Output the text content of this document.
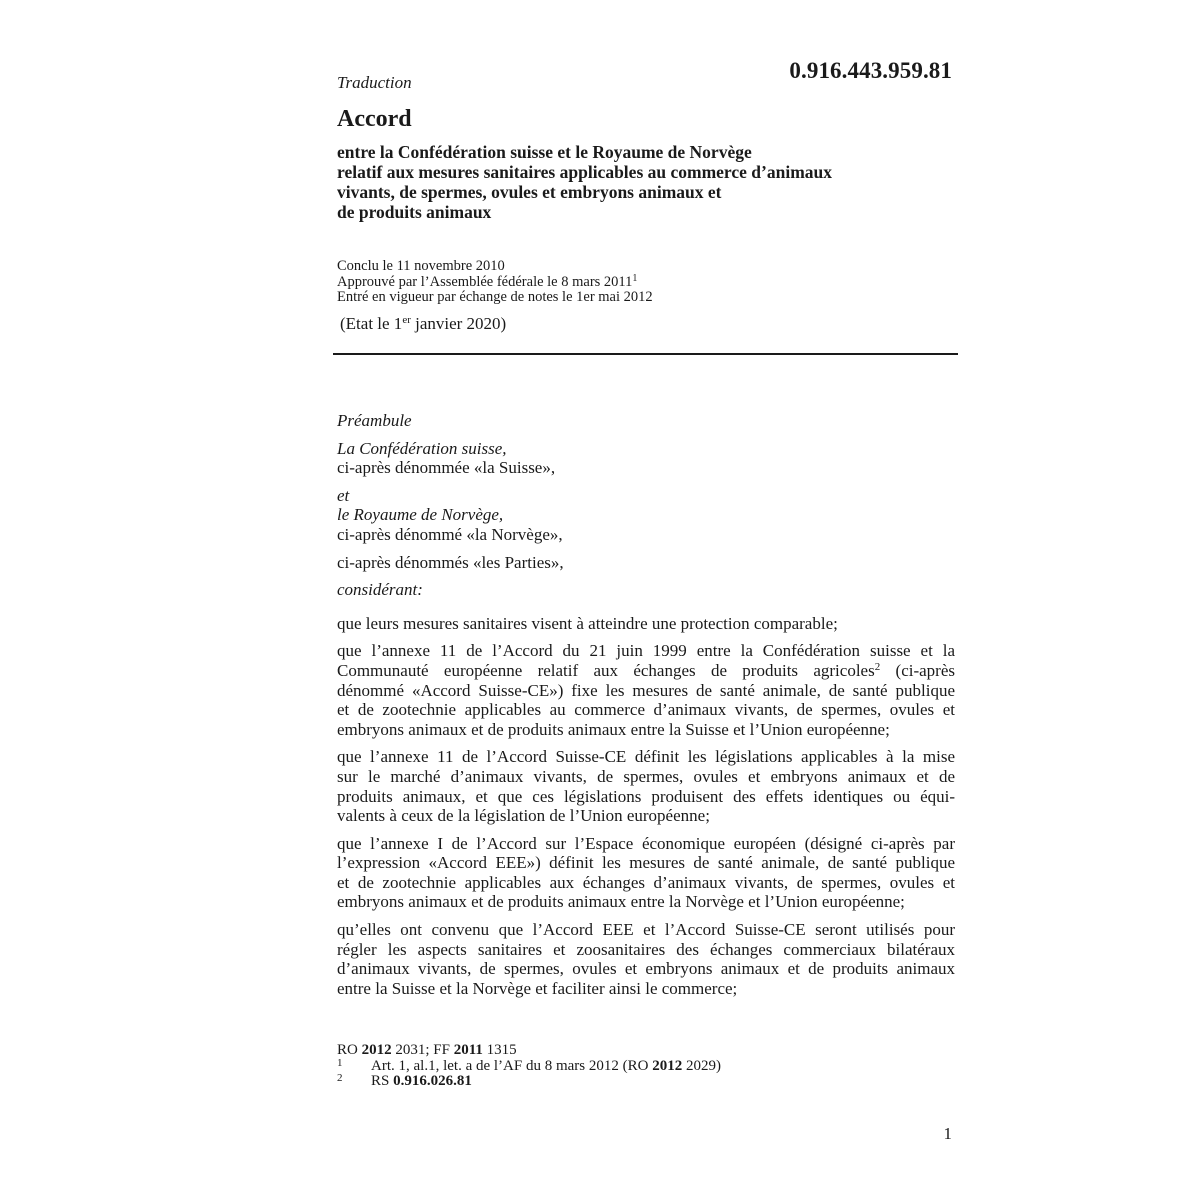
0.916.443.959.81
Traduction
Accord
entre la Confédération suisse et le Royaume de Norvège
relatif aux mesures sanitaires applicables au commerce d’animaux
vivants, de spermes, ovules et embryons animaux et
de produits animaux
Conclu le 11 novembre 2010
Approuvé par l’Assemblée fédérale le 8 mars 2011$^1$
Entré en vigueur par échange de notes le 1er mai 2012
(Etat le 1er janvier 2020)
Préambule
La Confédération suisse,
ci-après dénommée «la Suisse»,
et
le Royaume de Norvège,
ci-après dénommé «la Norvège»,
ci-après dénommés «les Parties»,
considérant:
que leurs mesures sanitaires visent à atteindre une protection comparable;
que l’annexe 11 de l’Accord du 21 juin 1999 entre la Confédération suisse et la
Communauté européenne relatif aux échanges de produits agricoles$^2$ (ci-après
dénommé «Accord Suisse-CE») fixe les mesures de santé animale, de santé publique
et de zootechnie applicables au commerce d’animaux vivants, de spermes, ovules et
embryons animaux et de produits animaux entre la Suisse et l’Union européenne;
que l’annexe 11 de l’Accord Suisse-CE définit les législations applicables à la mise
sur le marché d’animaux vivants, de spermes, ovules et embryons animaux et de
produits animaux, et que ces législations produisent des effets identiques ou équi-
valents à ceux de la législation de l’Union européenne;
que l’annexe I de l’Accord sur l’Espace économique européen (désigné ci-après par
l’expression «Accord EEE») définit les mesures de santé animale, de santé publique
et de zootechnie applicables aux échanges d’animaux vivants, de spermes, ovules et
embryons animaux et de produits animaux entre la Norvège et l’Union européenne;
qu’elles ont convenu que l’Accord EEE et l’Accord Suisse-CE seront utilisés pour
régler les aspects sanitaires et zoosanitaires des échanges commerciaux bilatéraux
d’animaux vivants, de spermes, ovules et embryons animaux et de produits animaux
entre la Suisse et la Norvège et faciliter ainsi le commerce;
RO 2012 2031; FF 2011 1315
1 Art. 1, al.1, let. a de l’AF du 8 mars 2012 (RO 2012 2029)
2 RS 0.916.026.81
1
